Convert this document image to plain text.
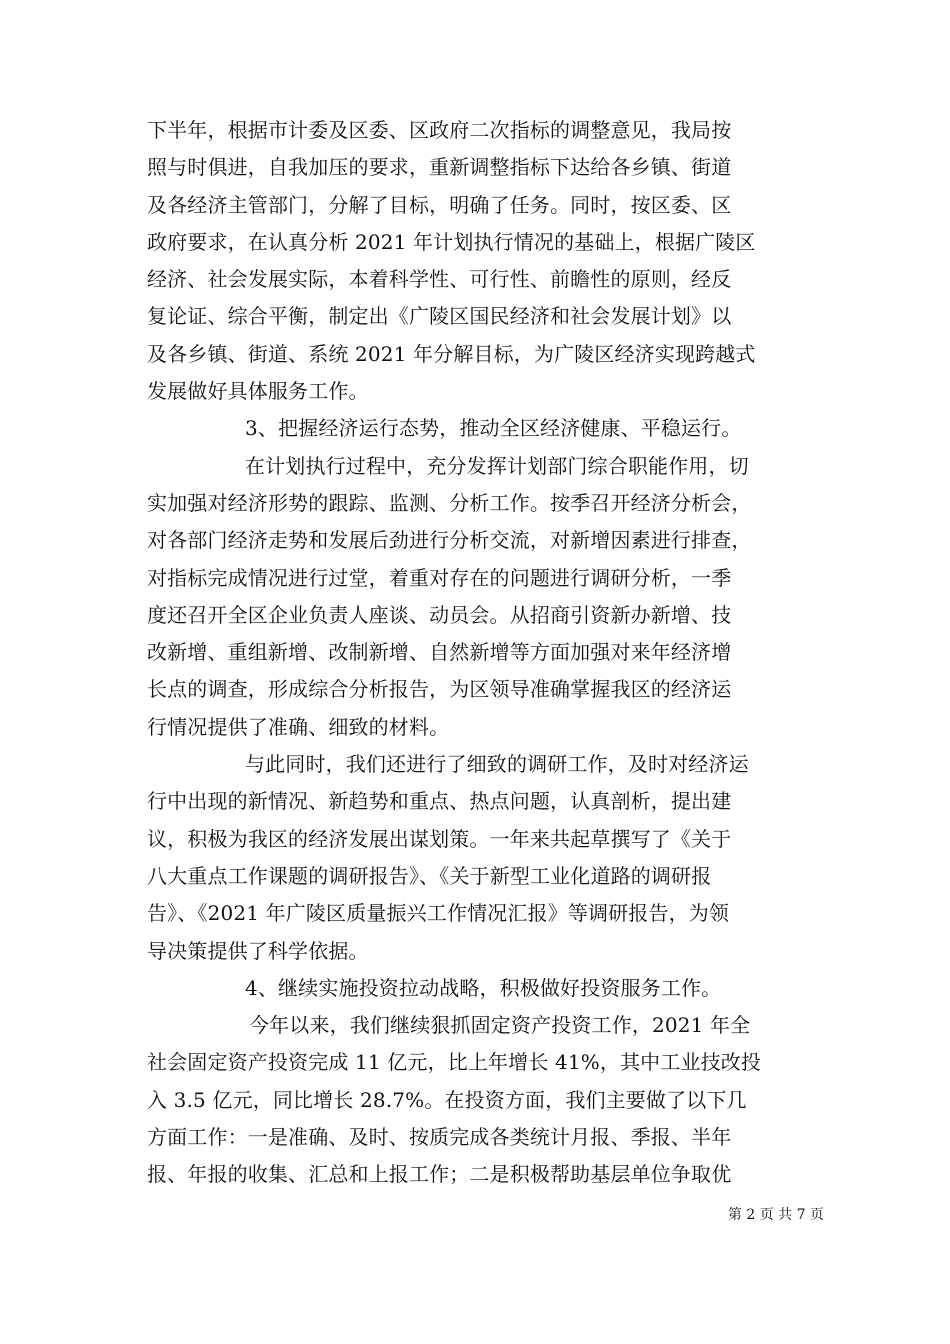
下半年，根据市计委及区委、区政府二次指标的调整意见，我局按
照与时俱进，自我加压的要求，重新调整指标下达给各乡镇、街道
及各经济主管部门，分解了目标，明确了任务。同时，按区委、区
政府要求，在认真分析 2021 年计划执行情况的基础上，根据广陵区
经济、社会发展实际，本着科学性、可行性、前瞻性的原则，经反
复论证、综合平衡，制定出《广陵区国民经济和社会发展计划》以
及各乡镇、街道、系统 2021 年分解目标，为广陵区经济实现跨越式
发展做好具体服务工作。
3、把握经济运行态势，推动全区经济健康、平稳运行。
在计划执行过程中，充分发挥计划部门综合职能作用，切
实加强对经济形势的跟踪、监测、分析工作。按季召开经济分析会，
对各部门经济走势和发展后劲进行分析交流，对新增因素进行排查，
对指标完成情况进行过堂，着重对存在的问题进行调研分析，一季
度还召开全区企业负责人座谈、动员会。从招商引资新办新增、技
改新增、重组新增、改制新增、自然新增等方面加强对来年经济增
长点的调查，形成综合分析报告，为区领导准确掌握我区的经济运
行情况提供了准确、细致的材料。
与此同时，我们还进行了细致的调研工作，及时对经济运
行中出现的新情况、新趋势和重点、热点问题，认真剖析，提出建
议，积极为我区的经济发展出谋划策。一年来共起草撰写了《关于
八大重点工作课题的调研报告》、《关于新型工业化道路的调研报
告》、《2021 年广陵区质量振兴工作情况汇报》等调研报告，为领
导决策提供了科学依据。
4、继续实施投资拉动战略，积极做好投资服务工作。
今年以来，我们继续狠抓固定资产投资工作，2021 年全
社会固定资产投资完成 11 亿元，比上年增长 41%，其中工业技改投
入 3.5 亿元，同比增长 28.7%。在投资方面，我们主要做了以下几
方面工作：一是准确、及时、按质完成各类统计月报、季报、半年
报、年报的收集、汇总和上报工作；二是积极帮助基层单位争取优
第 2 页 共 7 页
